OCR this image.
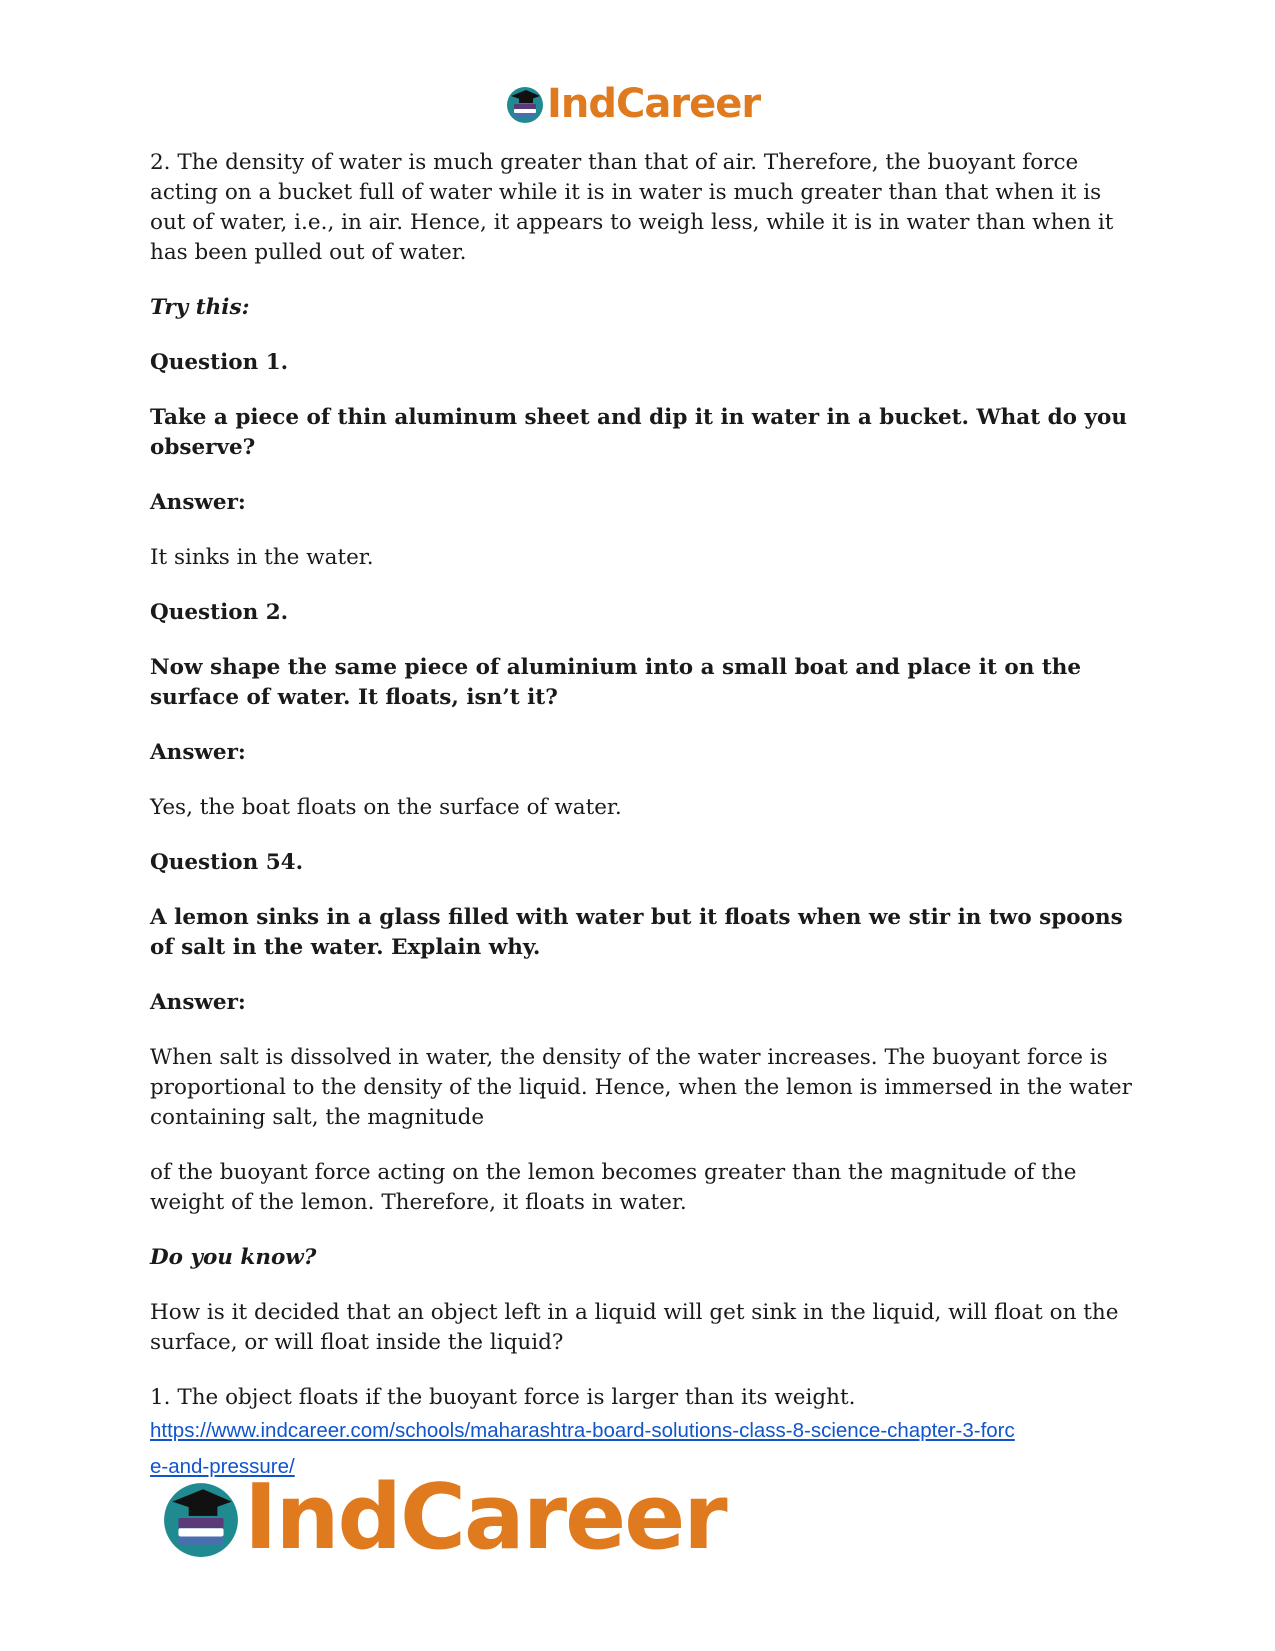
IndCareer

2. The density of water is much greater than that of air. Therefore, the buoyant force acting on a bucket full of water while it is in water is much greater than that when it is out of water, i.e., in air. Hence, it appears to weigh less, while it is in water than when it has been pulled out of water.

Try this:

Question 1.

Take a piece of thin aluminum sheet and dip it in water in a bucket. What do you observe?

Answer:

It sinks in the water.

Question 2.

Now shape the same piece of aluminium into a small boat and place it on the surface of water. It floats, isn’t it?

Answer:

Yes, the boat floats on the surface of water.

Question 54.

A lemon sinks in a glass filled with water but it floats when we stir in two spoons of salt in the water. Explain why.

Answer:

When salt is dissolved in water, the density of the water increases. The buoyant force is proportional to the density of the liquid. Hence, when the lemon is immersed in the water containing salt, the magnitude

of the buoyant force acting on the lemon becomes greater than the magnitude of the weight of the lemon. Therefore, it floats in water.

Do you know?

How is it decided that an object left in a liquid will get sink in the liquid, will float on the surface, or will float inside the liquid?

1. The object floats if the buoyant force is larger than its weight.

https://www.indcareer.com/schools/maharashtra-board-solutions-class-8-science-chapter-3-forc
e-and-pressure/
IndCareer
